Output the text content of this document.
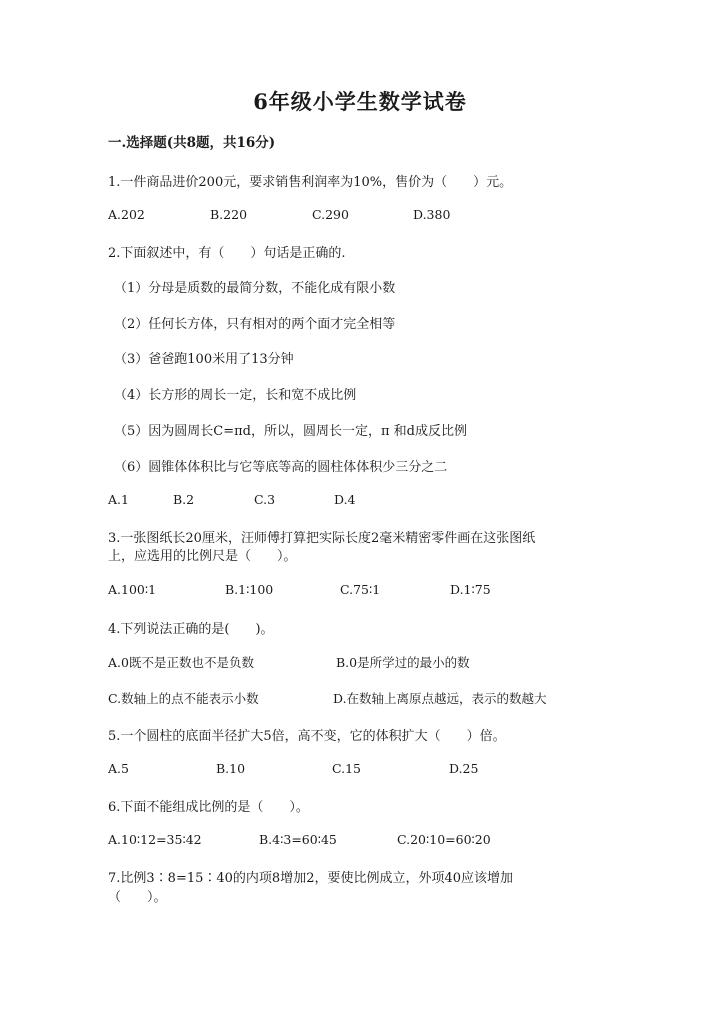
6年级小学生数学试卷
一.选择题(共8题，共16分)
1.一件商品进价200元，要求销售利润率为10%，售价为（　　）元。
A.202	B.220	C.290	D.380
2.下面叙述中，有（　　）句话是正确的.
（1）分母是质数的最简分数，不能化成有限小数
（2）任何长方体，只有相对的两个面才完全相等
（3）爸爸跑100米用了13分钟
（4）长方形的周长一定，长和宽不成比例
（5）因为圆周长C=πd，所以，圆周长一定，π 和d成反比例
（6）圆锥体体积比与它等底等高的圆柱体体积少三分之二
A.1	B.2	C.3	D.4
3.一张图纸长20厘米，汪师傅打算把实际长度2毫米精密零件画在这张图纸
上，应选用的比例尺是（　　）。
A.100∶1	B.1∶100	C.75∶1	D.1∶75
4.下列说法正确的是(　　)。
A.0既不是正数也不是负数	B.0是所学过的最小的数
C.数轴上的点不能表示小数	D.在数轴上离原点越远，表示的数越大
5.一个圆柱的底面半径扩大5倍，高不变，它的体积扩大（　　）倍。
A.5	B.10	C.15	D.25
6.下面不能组成比例的是（　　）。
A.10∶12=35∶42	B.4∶3=60∶45	C.20∶10=60∶20
7.比例3∶8=15∶40的内项8增加2，要使比例成立，外项40应该增加
（　　）。
